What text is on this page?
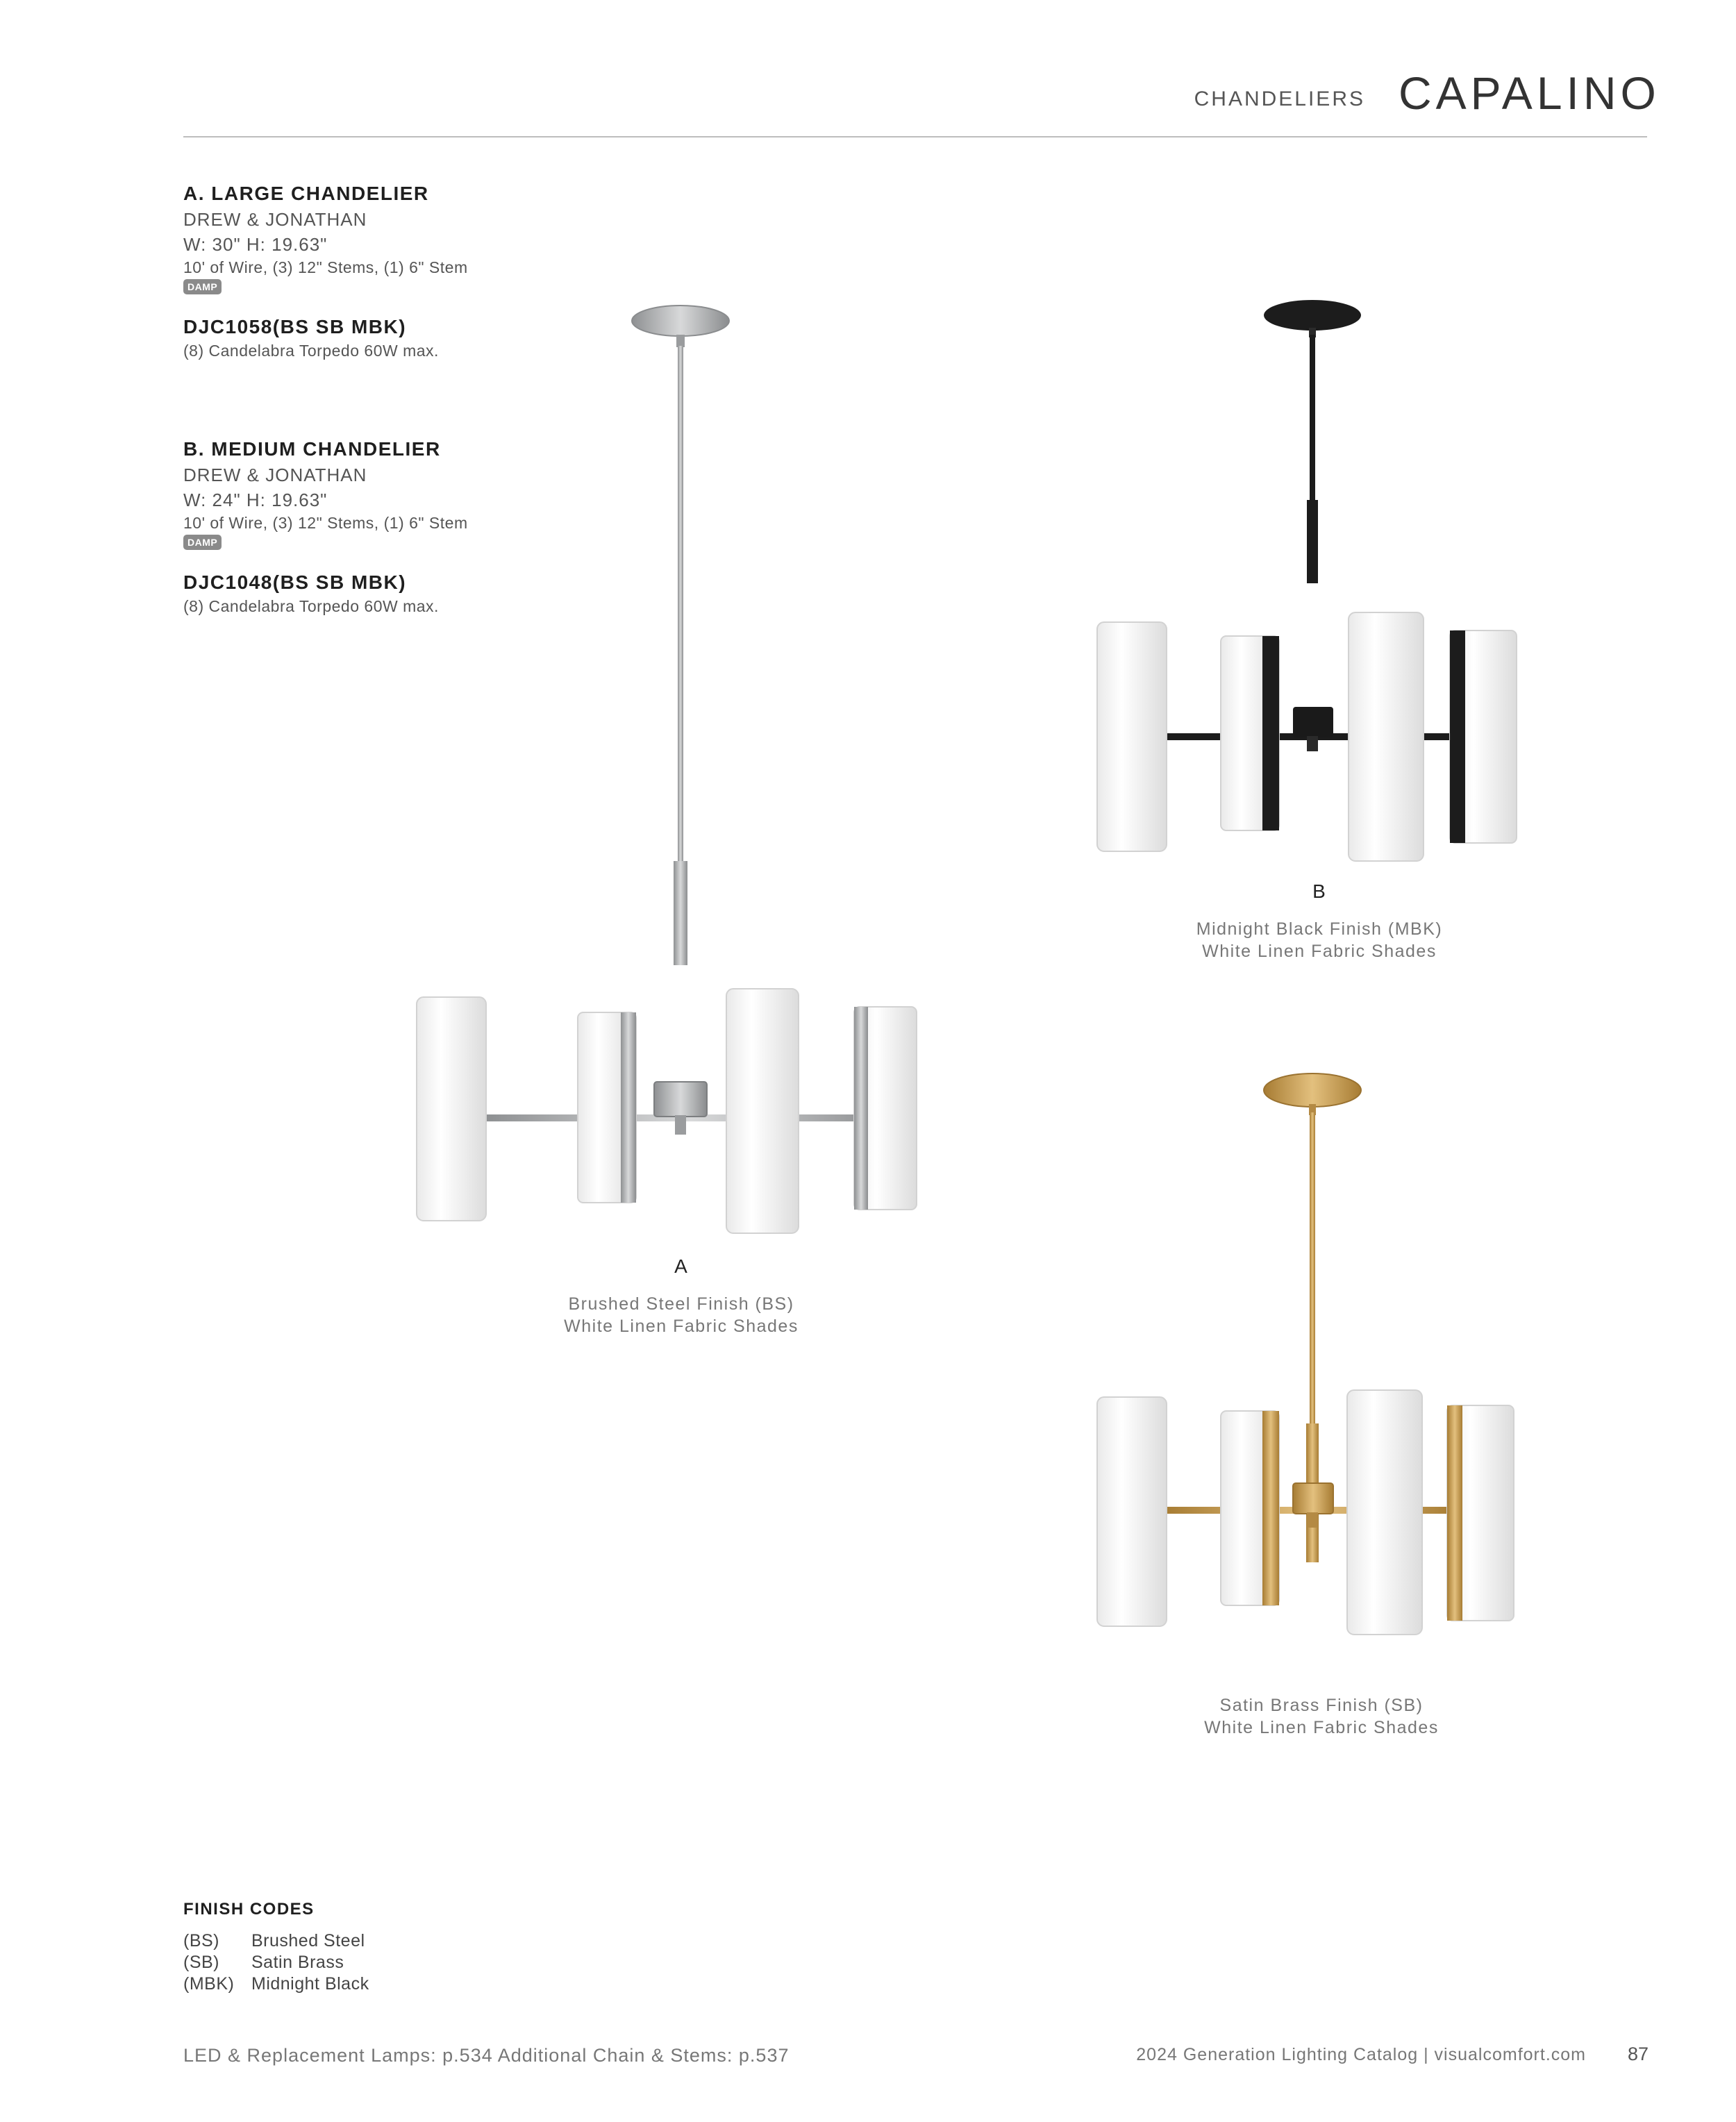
CHANDELIERS CAPALINO
A. LARGE CHANDELIER
DREW & JONATHAN
W: 30" H: 19.63"
10' of Wire, (3) 12" Stems, (1) 6" Stem
DAMP
DJC1058(BS SB MBK)
(8) Candelabra Torpedo 60W max.
B. MEDIUM CHANDELIER
DREW & JONATHAN
W: 24" H: 19.63"
10' of Wire, (3) 12" Stems, (1) 6" Stem
DAMP
DJC1048(BS SB MBK)
(8) Candelabra Torpedo 60W max.
A
Brushed Steel Finish (BS)
White Linen Fabric Shades
B
Midnight Black Finish (MBK)
White Linen Fabric Shades
Satin Brass Finish (SB)
White Linen Fabric Shades
FINISH CODES
(BS) Brushed Steel
(SB) Satin Brass
(MBK) Midnight Black
LED & Replacement Lamps: p.534 Additional Chain & Stems: p.537	2024 Generation Lighting Catalog | visualcomfort.com	87
